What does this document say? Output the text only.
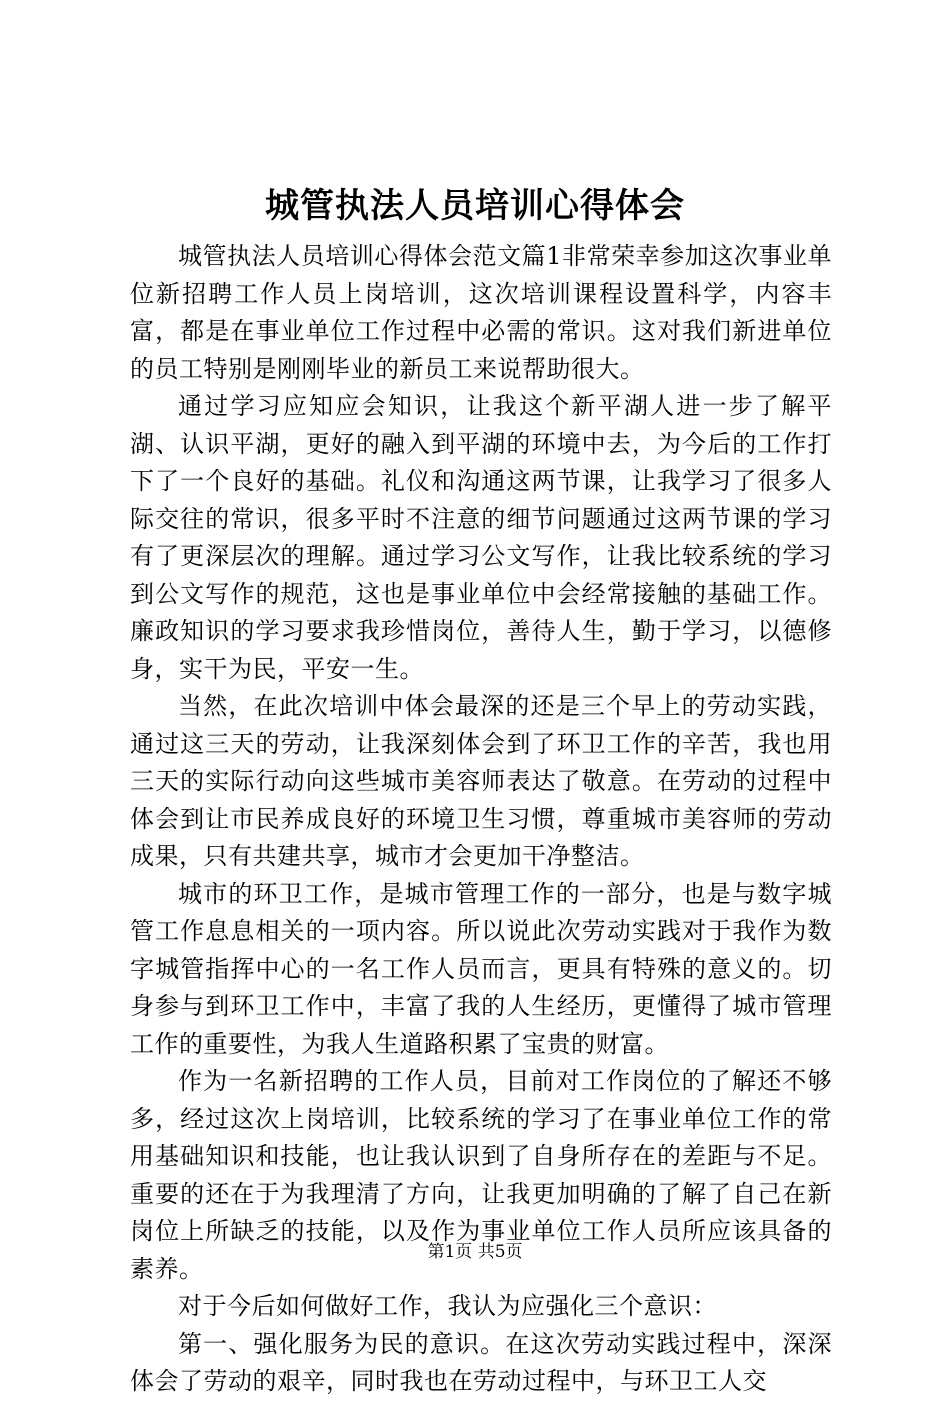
城管执法人员培训心得体会

城管执法人员培训心得体会范文篇1非常荣幸参加这次事业单位新招聘工作人员上岗培训，这次培训课程设置科学，内容丰富，都是在事业单位工作过程中必需的常识。这对我们新进单位的员工特别是刚刚毕业的新员工来说帮助很大。

通过学习应知应会知识，让我这个新平湖人进一步了解平湖、认识平湖，更好的融入到平湖的环境中去，为今后的工作打下了一个良好的基础。礼仪和沟通这两节课，让我学习了很多人际交往的常识，很多平时不注意的细节问题通过这两节课的学习有了更深层次的理解。通过学习公文写作，让我比较系统的学习到公文写作的规范，这也是事业单位中会经常接触的基础工作。廉政知识的学习要求我珍惜岗位，善待人生，勤于学习，以德修身，实干为民，平安一生。

当然，在此次培训中体会最深的还是三个早上的劳动实践，通过这三天的劳动，让我深刻体会到了环卫工作的辛苦，我也用三天的实际行动向这些城市美容师表达了敬意。在劳动的过程中体会到让市民养成良好的环境卫生习惯，尊重城市美容师的劳动成果，只有共建共享，城市才会更加干净整洁。

城市的环卫工作，是城市管理工作的一部分，也是与数字城管工作息息相关的一项内容。所以说此次劳动实践对于我作为数字城管指挥中心的一名工作人员而言，更具有特殊的意义的。切身参与到环卫工作中，丰富了我的人生经历，更懂得了城市管理工作的重要性，为我人生道路积累了宝贵的财富。

作为一名新招聘的工作人员，目前对工作岗位的了解还不够多，经过这次上岗培训，比较系统的学习了在事业单位工作的常用基础知识和技能，也让我认识到了自身所存在的差距与不足。重要的还在于为我理清了方向，让我更加明确的了解了自己在新岗位上所缺乏的技能，以及作为事业单位工作人员所应该具备的素养。

对于今后如何做好工作，我认为应强化三个意识：

第一、强化服务为民的意识。在这次劳动实践过程中，深深体会了劳动的艰辛，同时我也在劳动过程中，与环卫工人交

第1页 共5页
